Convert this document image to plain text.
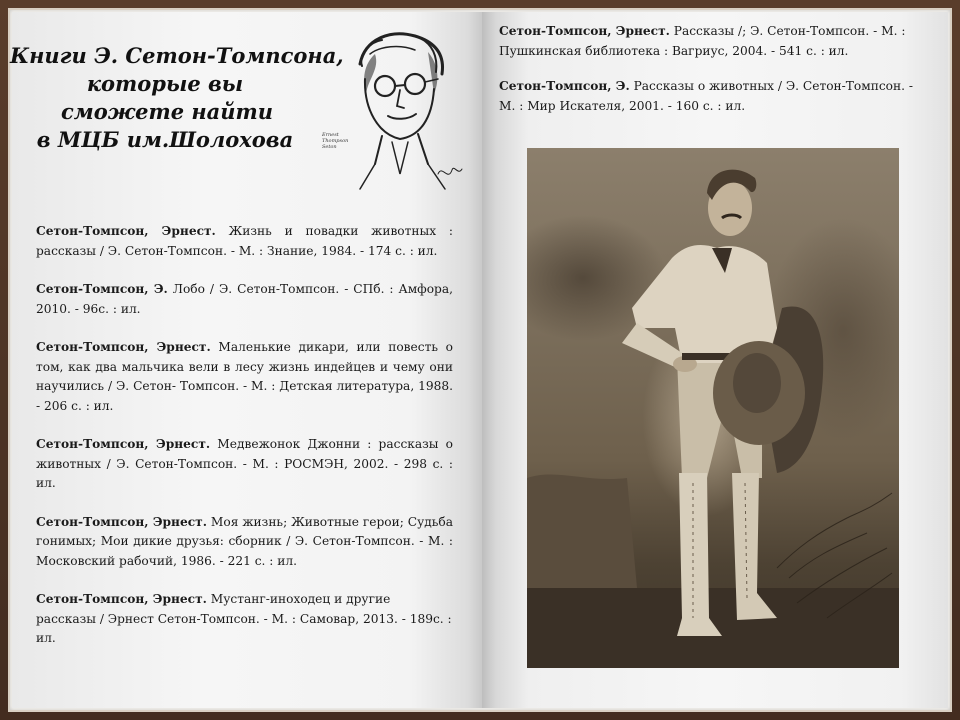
Книги Э. Сетон-Томпсона,
которые вы
сможете найти
в МЦБ им.Шолохова	Ernest Thompson Seton

Сетон-Томпсон, Эрнест. Жизнь и повадки животных : рассказы / Э. Сетон-Томпсон. - М. : Знание, 1984. - 174 с. : ил.

Сетон-Томпсон, Э. Лобо / Э. Сетон-Томпсон. - СПб. : Амфора, 2010. - 96с. : ил.

Сетон-Томпсон, Эрнест. Маленькие дикари, или повесть о том, как два мальчика вели в лесу жизнь индейцев и чему они научились / Э. Сетон- Томпсон. - М. : Детская литература, 1988. - 206 с. : ил.

Сетон-Томпсон, Эрнест. Медвежонок Джонни : рассказы о животных / Э. Сетон-Томпсон. - М. : РОСМЭН, 2002. - 298 с. : ил.

Сетон-Томпсон, Эрнест. Моя жизнь; Животные герои; Судьба гонимых; Мои дикие друзья: сборник / Э. Сетон-Томпсон. - М. : Московский рабочий, 1986. - 221 с. : ил.

Сетон-Томпсон, Эрнест. Мустанг-иноходец и другие рассказы / Эрнест Сетон-Томпсон. - М. : Самовар, 2013. - 189с. : ил.

Сетон-Томпсон, Эрнест. Рассказы /; Э. Сетон-Томпсон. - М. : Пушкинская библиотека : Вагриус, 2004. - 541 с. : ил.

Сетон-Томпсон, Э. Рассказы о животных / Э. Сетон-Томпсон. - М. : Мир Искателя, 2001. - 160 с. : ил.
